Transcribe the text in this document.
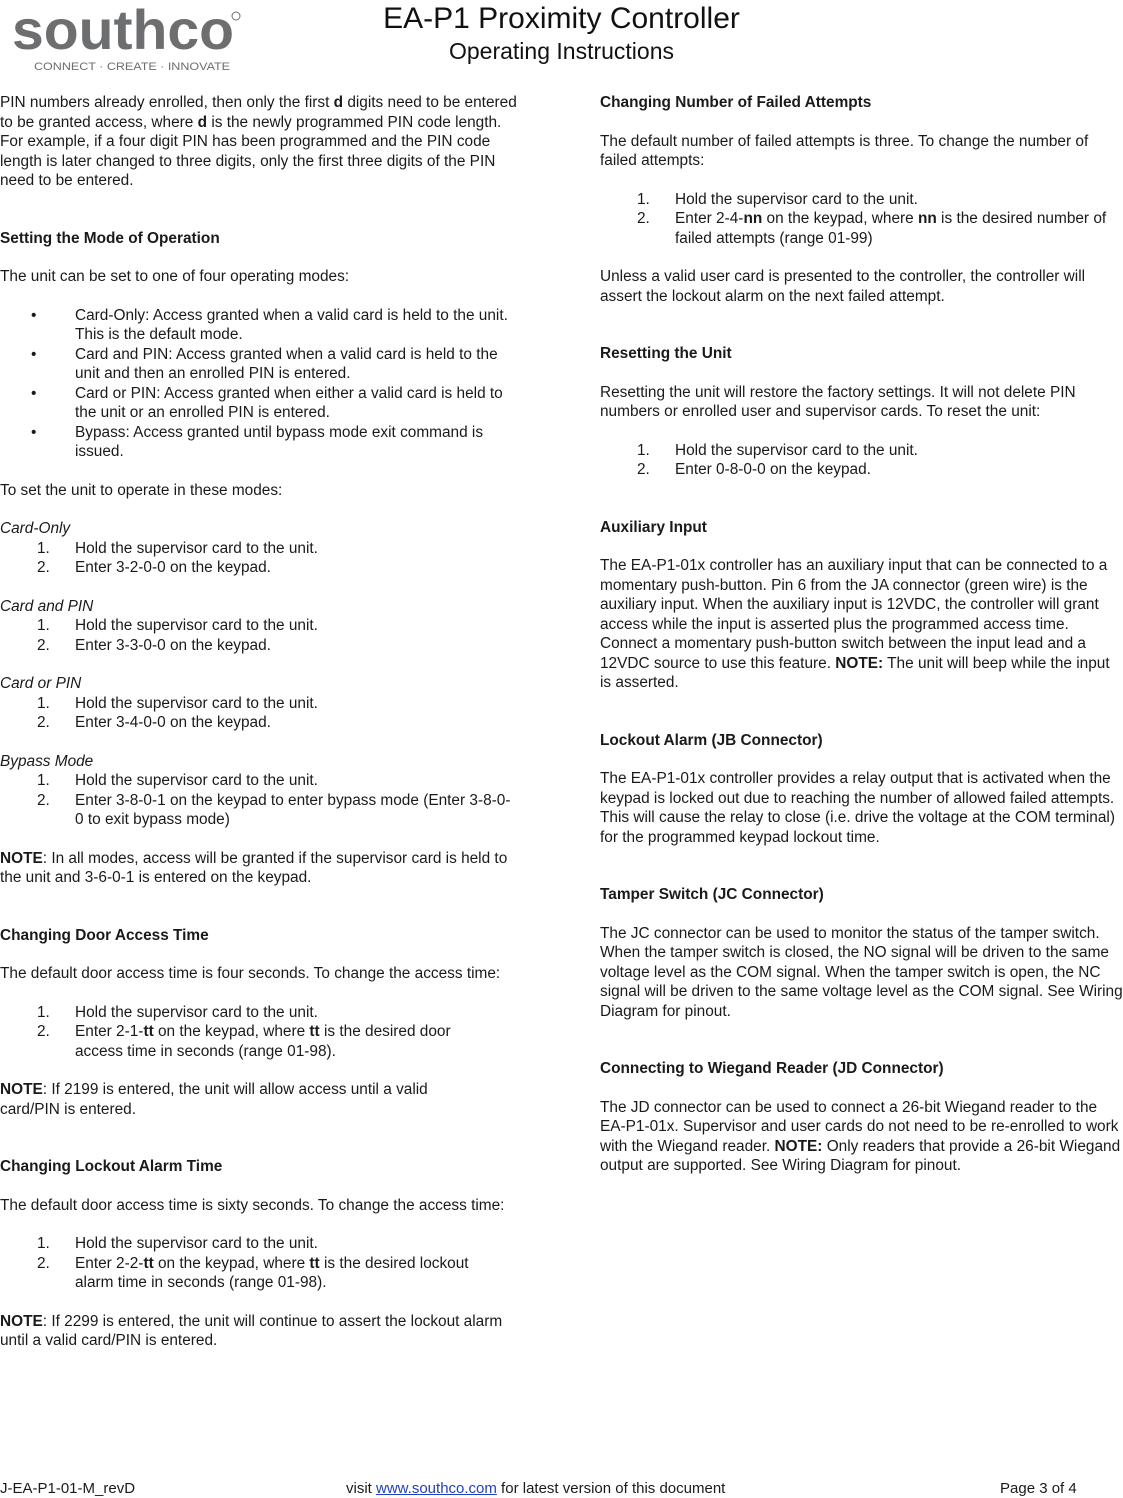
southco
CONNECT · CREATE · INNOVATE
EA-P1 Proximity Controller
Operating Instructions

PIN numbers already enrolled, then only the first d digits need to be entered to be granted access, where d is the newly programmed PIN code length. For example, if a four digit PIN has been programmed and the PIN code length is later changed to three digits, only the first three digits of the PIN need to be entered.

Setting the Mode of Operation

The unit can be set to one of four operating modes:

•	Card-Only: Access granted when a valid card is held to the unit. This is the default mode.
•	Card and PIN: Access granted when a valid card is held to the unit and then an enrolled PIN is entered.
•	Card or PIN: Access granted when either a valid card is held to the unit or an enrolled PIN is entered.
•	Bypass: Access granted until bypass mode exit command is issued.

To set the unit to operate in these modes:

Card-Only

1. Hold the supervisor card to the unit.
2. Enter 3-2-0-0 on the keypad.

Card and PIN

1. Hold the supervisor card to the unit.
2. Enter 3-3-0-0 on the keypad.

Card or PIN

1. Hold the supervisor card to the unit.
2. Enter 3-4-0-0 on the keypad.

Bypass Mode

1. Hold the supervisor card to the unit.
2. Enter 3-8-0-1 on the keypad to enter bypass mode (Enter 3-8-0-0 to exit bypass mode)

NOTE: In all modes, access will be granted if the supervisor card is held to the unit and 3-6-0-1 is entered on the keypad.

Changing Door Access Time

The default door access time is four seconds. To change the access time:

1. Hold the supervisor card to the unit.
2. Enter 2-1-tt on the keypad, where tt is the desired door access time in seconds (range 01-98).

NOTE: If 2199 is entered, the unit will allow access until a valid card/PIN is entered.

Changing Lockout Alarm Time

The default door access time is sixty seconds. To change the access time:

1. Hold the supervisor card to the unit.
2. Enter 2-2-tt on the keypad, where tt is the desired lockout alarm time in seconds (range 01-98).

NOTE: If 2299 is entered, the unit will continue to assert the lockout alarm until a valid card/PIN is entered.

Changing Number of Failed Attempts

The default number of failed attempts is three. To change the number of failed attempts:

1. Hold the supervisor card to the unit.
2. Enter 2-4-nn on the keypad, where nn is the desired number of failed attempts (range 01-99)

Unless a valid user card is presented to the controller, the controller will assert the lockout alarm on the next failed attempt.

Resetting the Unit

Resetting the unit will restore the factory settings. It will not delete PIN numbers or enrolled user and supervisor cards. To reset the unit:

1. Hold the supervisor card to the unit.
2. Enter 0-8-0-0 on the keypad.

Auxiliary Input

The EA-P1-01x controller has an auxiliary input that can be connected to a momentary push-button. Pin 6 from the JA connector (green wire) is the auxiliary input. When the auxiliary input is 12VDC, the controller will grant access while the input is asserted plus the programmed access time. Connect a momentary push-button switch between the input lead and a 12VDC source to use this feature. NOTE: The unit will beep while the input is asserted.

Lockout Alarm (JB Connector)

The EA-P1-01x controller provides a relay output that is activated when the keypad is locked out due to reaching the number of allowed failed attempts. This will cause the relay to close (i.e. drive the voltage at the COM terminal) for the programmed keypad lockout time.

Tamper Switch (JC Connector)

The JC connector can be used to monitor the status of the tamper switch. When the tamper switch is closed, the NO signal will be driven to the same voltage level as the COM signal. When the tamper switch is open, the NC signal will be driven to the same voltage level as the COM signal. See Wiring Diagram for pinout.

Connecting to Wiegand Reader (JD Connector)

The JD connector can be used to connect a 26-bit Wiegand reader to the EA-P1-01x. Supervisor and user cards do not need to be re-enrolled to work with the Wiegand reader. NOTE: Only readers that provide a 26-bit Wiegand output are supported. See Wiring Diagram for pinout.

J-EA-P1-01-M_revD	visit www.southco.com for latest version of this document	Page 3 of 4
